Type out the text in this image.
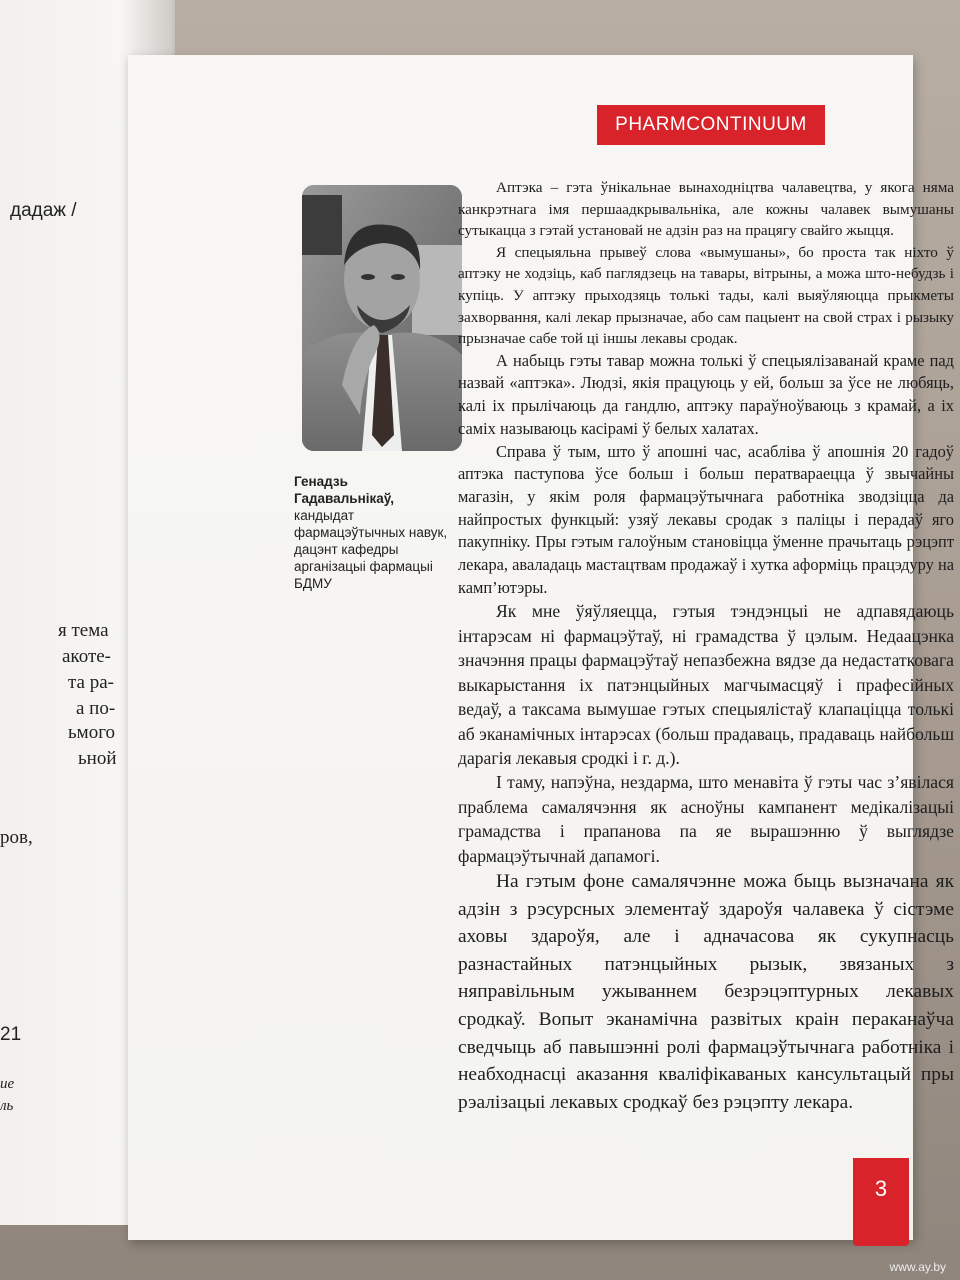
дадаж /
я тема
акоте-
та ра-
а по-
ьмого
ьной
ров,
21
ие
ль
PHARMCONTINUUM
Генадзь
Гадавальнікаў,
кандыдат фармацэўтычных навук, дацэнт кафедры арганізацыі фармацыі БДМУ

Аптэка – гэта ўнікальнае вынаходніцтва чалавецтва, у якога няма канкрэтнага імя першаадкрывальніка, але кожны чалавек вымушаны сутыкацца з гэтай установай не адзін раз на працягу свайго жыцця.

Я спецыяльна прывеў слова «вымушаны», бо проста так ніхто ў аптэку не ходзіць, каб паглядзець на тавары, вітрыны, а можа што-небудзь і купіць. У аптэку прыходзяць толькі тады, калі выяўляюцца прыкметы захворвання, калі лекар прызначае, або сам пацыент на свой страх і рызыку прызначае сабе той ці іншы лекавы сродак.

А набыць гэты тавар можна толькі ў спецыялізаванай краме пад назвай «аптэка». Людзі, якія працуюць у ей, больш за ўсе не любяць, калі іх прылічаюць да гандлю, аптэку параўноўваюць з крамай, а іх саміх называюць касірамі ў белых халатах.

Справа ў тым, што ў апошні час, асабліва ў апошнія 20 гадоў аптэка паступова ўсе больш і больш ператвараецца ў звычайны магазін, у якім роля фармацэўтычнага работніка зводзіцца да найпростых функцый: узяў лекавы сродак з паліцы і перадаў яго пакупніку. Пры гэтым галоўным становіцца ўменне прачытаць рэцэпт лекара, аваладаць мастацтвам продажаў і хутка аформіць працэдуру на камп’ютэры.

Як мне ўяўляецца, гэтыя тэндэнцыі не адпавядаюць інтарэсам ні фармацэўтаў, ні грамадства ў цэлым. Недаацэнка значэння працы фармацэўтаў непазбежна вядзе да недастатковага выкарыстання іх патэнцыйных магчымасцяў і прафесійных ведаў, а таксама вымушае гэтых спецыялістаў клапаціцца толькі аб эканамічных інтарэсах (больш прадаваць, прадаваць найбольш дарагія лекавыя сродкі і г. д.).

І таму, напэўна, нездарма, што менавіта ў гэты час з’явілася праблема самалячэння як асноўны кампанент медікалізацыі грамадства і прапанова па яе вырашэнню ў выглядзе фармацэўтычнай дапамогі.

На гэтым фоне самалячэнне можа быць вызначана як адзін з рэсурсных элементаў здароўя чалавека ў сістэме аховы здароўя, але і адначасова як сукупнасць разнастайных патэнцыйных рызык, звязаных з няправільным ужываннем безрэцэптурных лекавых сродкаў. Вопыт эканамічна развітых краін пераканаўча сведчыць аб павышэнні ролі фармацэўтычнага работніка і неабходнасці аказання кваліфікаваных кансультацый пры рэалізацыі лекавых сродкаў без рэцэпту лекара.

3
www.ay.by
